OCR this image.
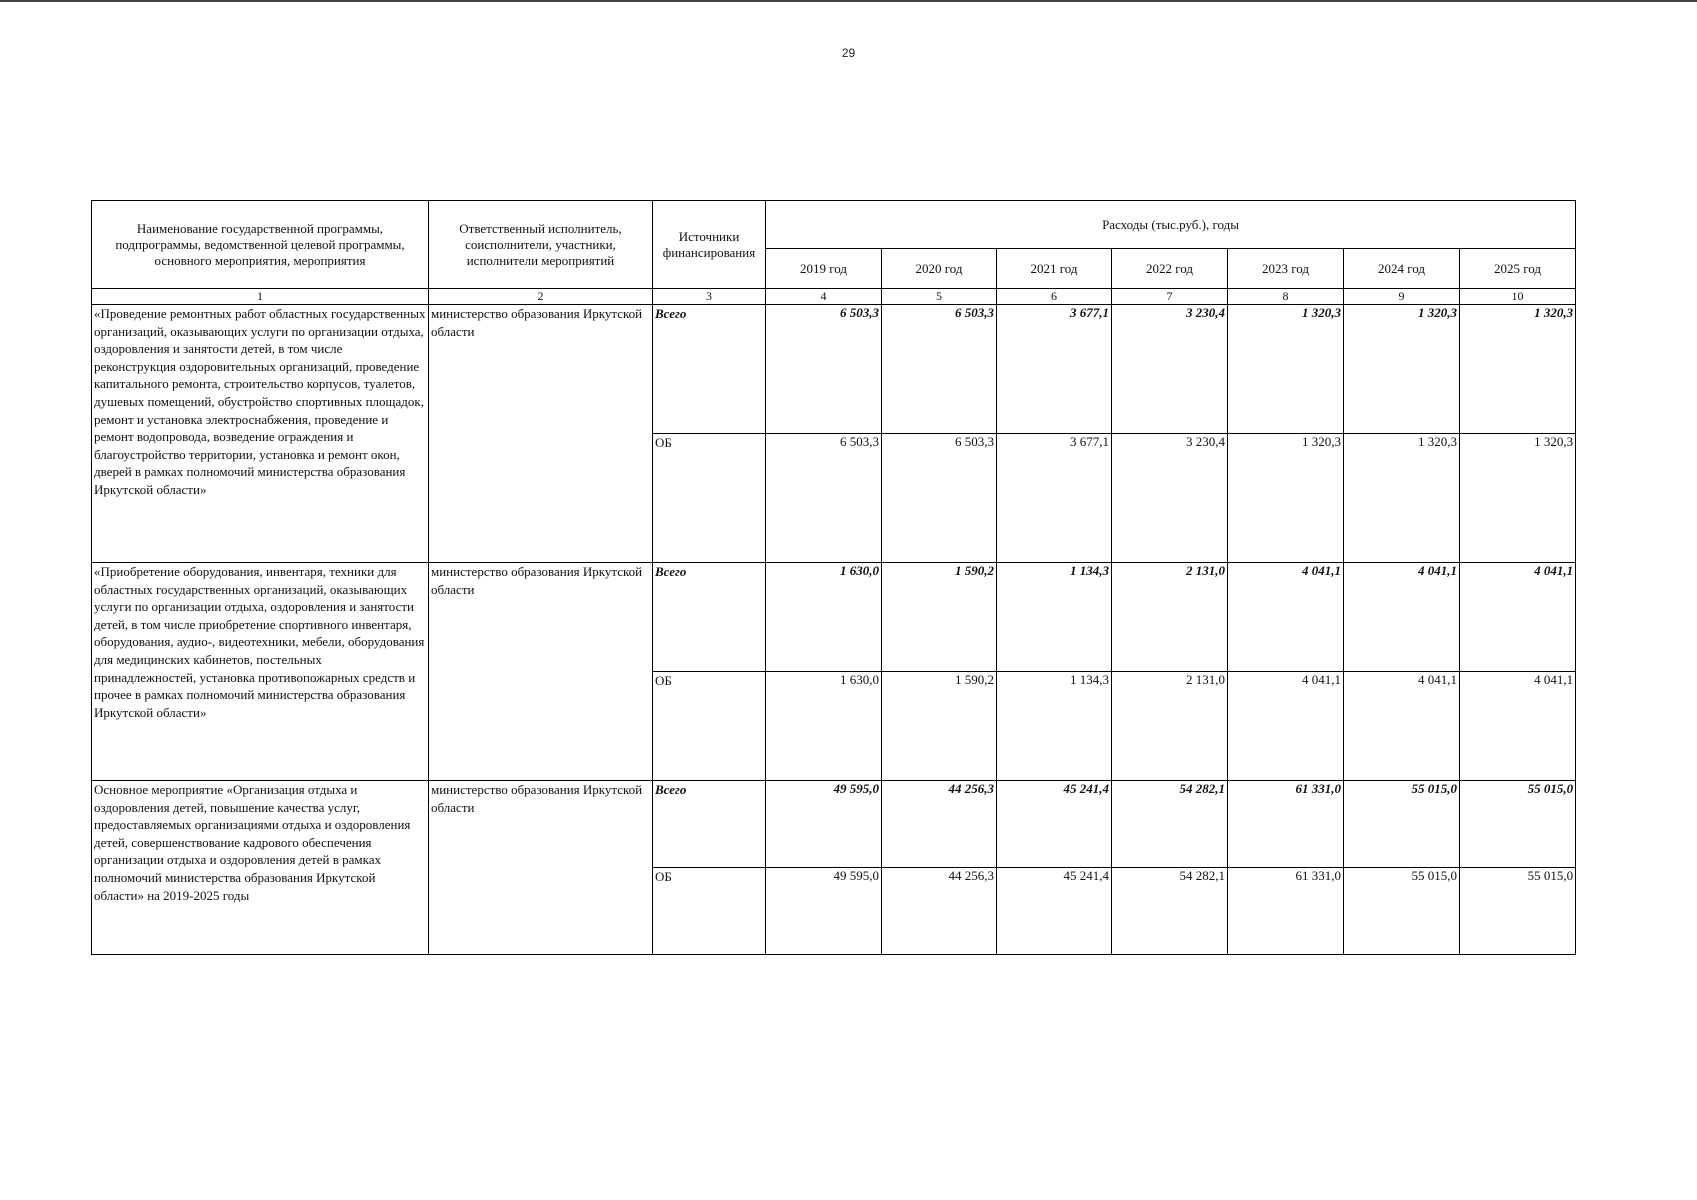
29
Наименование государственной программы, подпрограммы, ведомственной целевой программы, основного мероприятия, мероприятия	Ответственный исполнитель, соисполнители, участники, исполнители мероприятий	Источники финансирования	Расходы (тыс.руб.), годы						
			2019 год	2020 год	2021 год	2022 год	2023 год	2024 год	2025 год
1	2	3	4	5	6	7	8	9	10
«Проведение ремонтных работ областных государственных организаций, оказывающих услуги по организации отдыха, оздоровления и занятости детей, в том числе реконструкция оздоровительных организаций, проведение капитального ремонта, строительство корпусов, туалетов, душевых помещений, обустройство спортивных площадок, ремонт и установка электроснабжения, проведение и ремонт водопровода, возведение ограждения и благоустройство территории, установка и ремонт окон, дверей в рамках полномочий министерства образования Иркутской области»	министерство образования Иркутской области	Всего	6 503,3	6 503,3	3 677,1	3 230,4	1 320,3	1 320,3	1 320,3
		ОБ	6 503,3	6 503,3	3 677,1	3 230,4	1 320,3	1 320,3	1 320,3
«Приобретение оборудования, инвентаря, техники для областных государственных организаций, оказывающих услуги по организации отдыха, оздоровления и занятости детей, в том числе приобретение спортивного инвентаря, оборудования, аудио-, видеотехники, мебели, оборудования для медицинских кабинетов, постельных принадлежностей, установка противопожарных средств и прочее в рамках полномочий министерства образования Иркутской области»	министерство образования Иркутской области	Всего	1 630,0	1 590,2	1 134,3	2 131,0	4 041,1	4 041,1	4 041,1
		ОБ	1 630,0	1 590,2	1 134,3	2 131,0	4 041,1	4 041,1	4 041,1
Основное мероприятие «Организация отдыха и оздоровления детей, повышение качества услуг, предоставляемых организациями отдыха и оздоровления детей, совершенствование кадрового обеспечения организации отдыха и оздоровления детей в рамках полномочий министерства образования Иркутской области» на 2019-2025 годы	министерство образования Иркутской области	Всего	49 595,0	44 256,3	45 241,4	54 282,1	61 331,0	55 015,0	55 015,0
		ОБ	49 595,0	44 256,3	45 241,4	54 282,1	61 331,0	55 015,0	55 015,0
